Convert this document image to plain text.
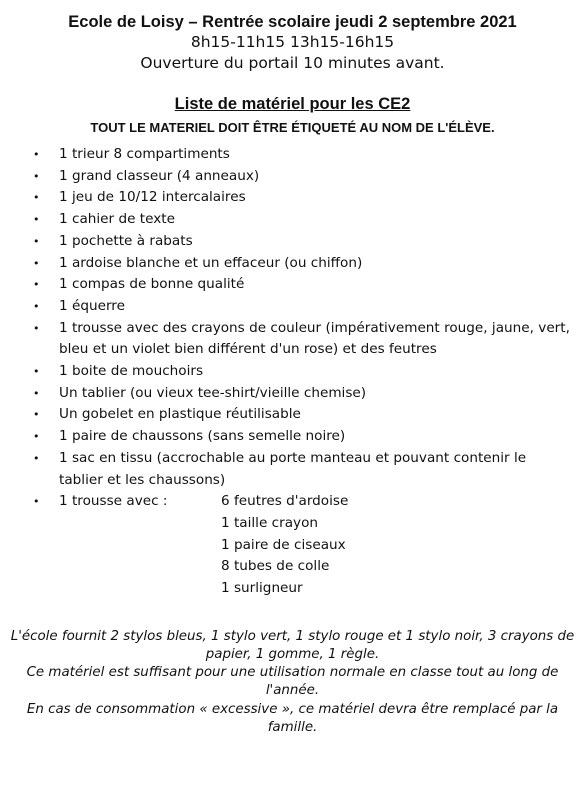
Ecole de Loisy – Rentrée scolaire jeudi 2 septembre 2021
8h15-11h15 13h15-16h15
Ouverture du portail 10 minutes avant.
Liste de matériel pour les CE2
TOUT LE MATERIEL DOIT ÊTRE ÉTIQUETÉ AU NOM DE L'ÉLÈVE.
• 1 trieur 8 compartiments
• 1 grand classeur (4 anneaux)
• 1 jeu de 10/12 intercalaires
• 1 cahier de texte
• 1 pochette à rabats
• 1 ardoise blanche et un effaceur (ou chiffon)
• 1 compas de bonne qualité
• 1 équerre
• 1 trousse avec des crayons de couleur (impérativement rouge, jaune, vert, bleu et un violet bien différent d'un rose) et des feutres
• 1 boite de mouchoirs
• Un tablier (ou vieux tee-shirt/vieille chemise)
• Un gobelet en plastique réutilisable
• 1 paire de chaussons (sans semelle noire)
• 1 sac en tissu (accrochable au porte manteau et pouvant contenir le tablier et les chaussons)
• 1 trousse avec :	6 feutres d'ardoise
1 taille crayon
1 paire de ciseaux
8 tubes de colle
1 surligneur

L'école fournit 2 stylos bleus, 1 stylo vert, 1 stylo rouge et 1 stylo noir, 3 crayons de papier, 1 gomme, 1 règle.

Ce matériel est suffisant pour une utilisation normale en classe tout au long de l'année.

En cas de consommation « excessive », ce matériel devra être remplacé par la famille.
